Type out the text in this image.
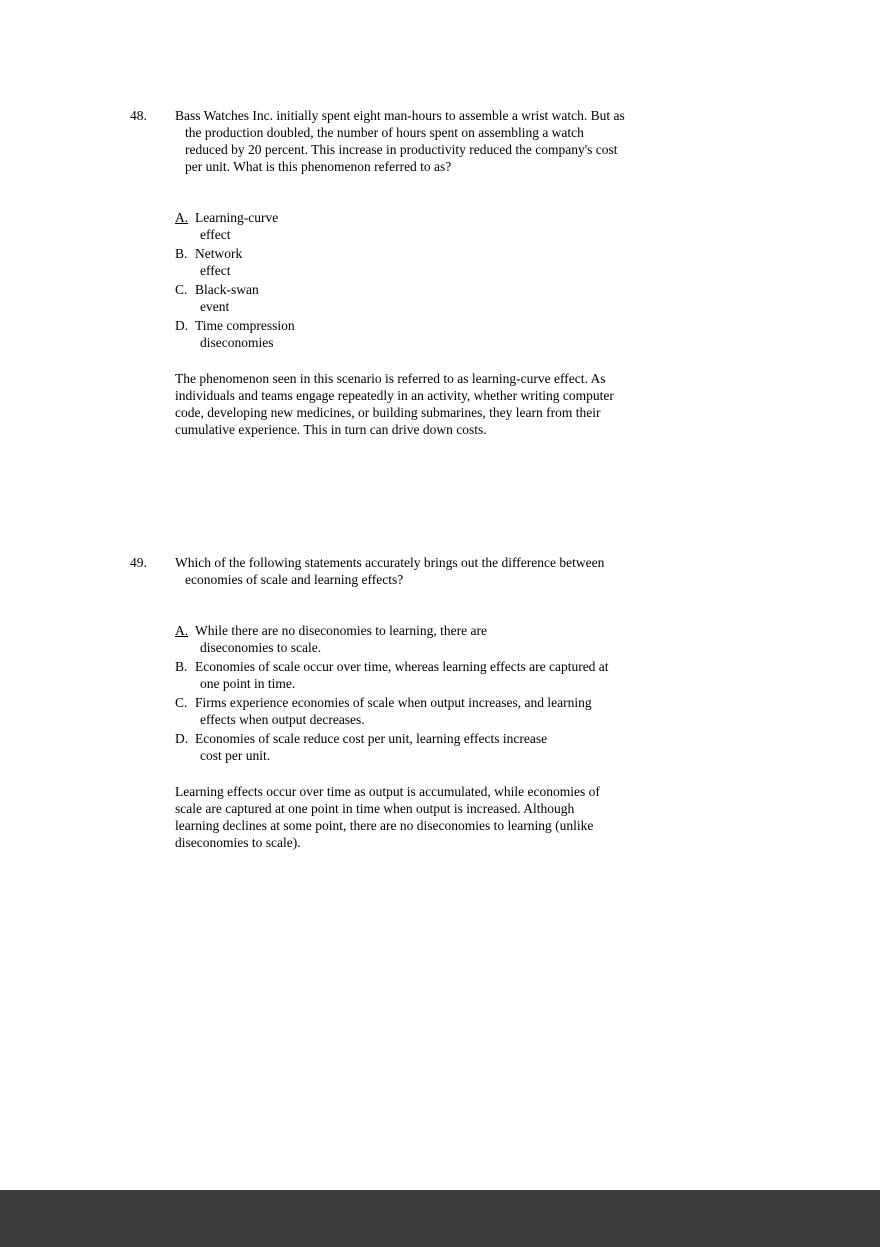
48.	Bass Watches Inc. initially spent eight man-hours to assemble a wrist watch. But as
the production doubled, the number of hours spent on assembling a watch
reduced by 20 percent. This increase in productivity reduced the company's cost
per unit. What is this phenomenon referred to as?
A. Learning-curve
effect
B. Network
effect
C. Black-swan
event
D. Time compression
diseconomies

The phenomenon seen in this scenario is referred to as learning-curve effect. As
individuals and teams engage repeatedly in an activity, whether writing computer
code, developing new medicines, or building submarines, they learn from their
cumulative experience. This in turn can drive down costs.

49.	Which of the following statements accurately brings out the difference between
economies of scale and learning effects?
A. While there are no diseconomies to learning, there are
diseconomies to scale.
B. Economies of scale occur over time, whereas learning effects are captured at
one point in time.
C. Firms experience economies of scale when output increases, and learning
effects when output decreases.
D. Economies of scale reduce cost per unit, learning effects increase
cost per unit.

Learning effects occur over time as output is accumulated, while economies of
scale are captured at one point in time when output is increased. Although
learning declines at some point, there are no diseconomies to learning (unlike
diseconomies to scale).
